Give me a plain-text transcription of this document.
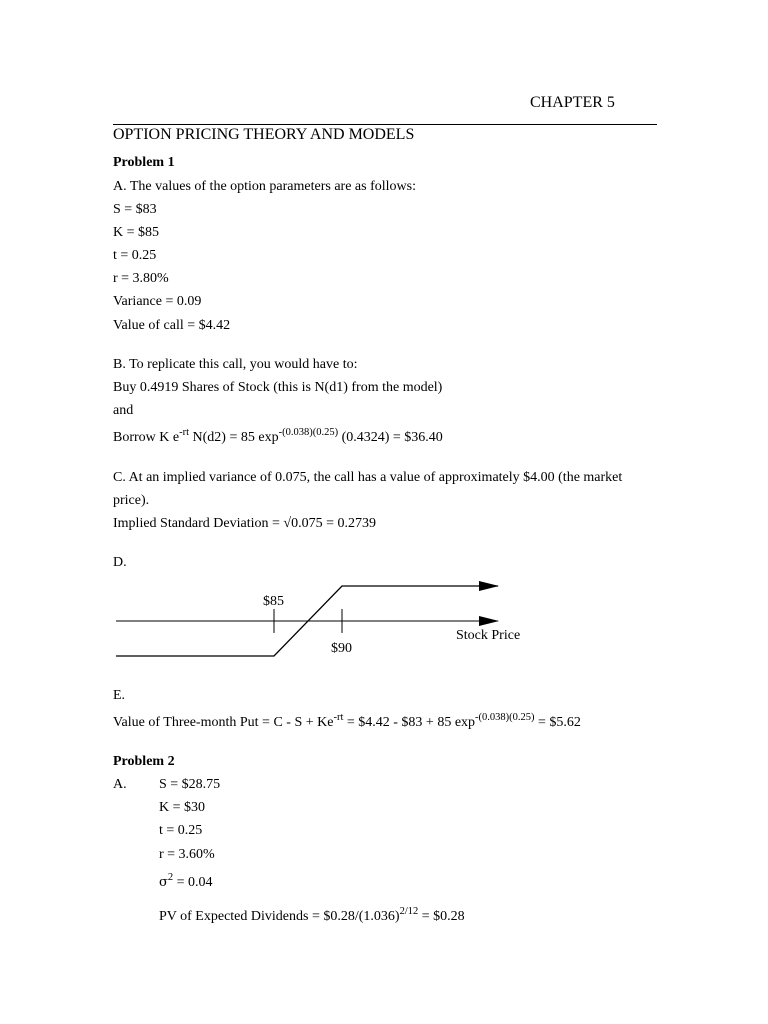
CHAPTER 5
OPTION PRICING THEORY AND MODELS
Problem 1
A. The values of the option parameters are as follows:
S = $83
K = $85
t = 0.25
r = 3.80%
Variance = 0.09
Value of call = $4.42
B. To replicate this call, you would have to:
Buy 0.4919 Shares of Stock (this is N(d1) from the model)
and
Borrow K $e^{-rt}$ N(d2) = 85 $\exp^{-(0.038)(0.25)} (0.4324)$ = $36.40
C. At an implied variance of 0.075, the call has a value of approximately $4.00 (the market
price).
Implied Standard Deviation = √0.075 = 0.2739
D.
$85
$90
Stock Price
E.
Value of Three-month Put = $C - S + Ke^{-rt}$ = $4.42 - $83 + 85 $\exp^{-(0.038)(0.25)}$ = $5.62
Problem 2
A. S = $28.75
K = $30
t = 0.25
r = 3.60%
$\sigma^2 = 0.04$
PV of Expected Dividends = $\$0.28/(1.036)^{2/12}$ = $0.28
